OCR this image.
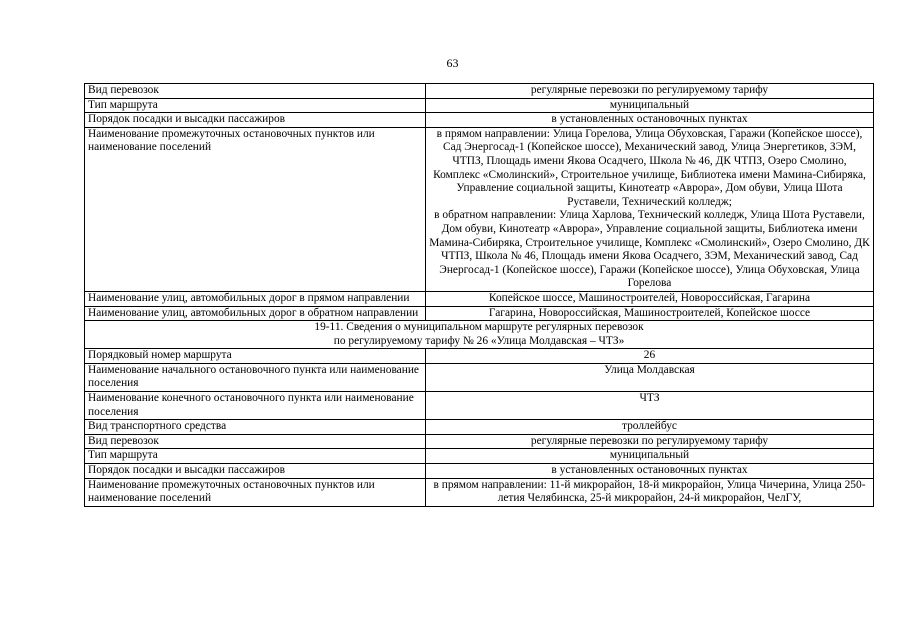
63
Вид перевозок	регулярные перевозки по регулируемому тарифу
Тип маршрута	муниципальный
Порядок посадки и высадки пассажиров	в установленных остановочных пунктах
Наименование промежуточных остановочных пунктов или наименование поселений	в прямом направлении: Улица Горелова, Улица Обуховская, Гаражи (Копейское шоссе), Сад Энергосад-1 (Копейское шоссе), Механический завод, Улица Энергетиков, ЗЭМ, ЧТПЗ, Площадь имени Якова Осадчего, Школа № 46, ДК ЧТПЗ, Озеро Смолино, Комплекс «Смолинский», Строительное училище, Библиотека имени Мамина-Сибиряка, Управление социальной защиты, Кинотеатр «Аврора», Дом обуви, Улица Шота Руставели, Технический колледж;
в обратном направлении: Улица Харлова, Технический колледж, Улица Шота Руставели, Дом обуви, Кинотеатр «Аврора», Управление социальной защиты, Библиотека имени Мамина-Сибиряка, Строительное училище, Комплекс «Смолинский», Озеро Смолино, ДК ЧТПЗ, Школа № 46, Площадь имени Якова Осадчего, ЗЭМ, Механический завод, Сад Энергосад-1 (Копейское шоссе), Гаражи (Копейское шоссе), Улица Обуховская, Улица Горелова

Наименование улиц, автомобильных дорог в прямом направлении	Копейское шоссе, Машиностроителей, Новороссийская, Гагарина
Наименование улиц, автомобильных дорог в обратном направлении	Гагарина, Новороссийская, Машиностроителей, Копейское шоссе

19-11. Сведения о муниципальном маршруте регулярных перевозок
по регулируемому тарифу № 26 «Улица Молдавская – ЧТЗ»	

Порядковый номер маршрута	26
Наименование начального остановочного пункта или наименование поселения	Улица Молдавская
Наименование конечного остановочного пункта или наименование поселения	ЧТЗ
Вид транспортного средства	троллейбус
Вид перевозок	регулярные перевозки по регулируемому тарифу
Тип маршрута	муниципальный
Порядок посадки и высадки пассажиров	в установленных остановочных пунктах
Наименование промежуточных остановочных пунктов или наименование поселений	в прямом направлении: 11-й микрорайон, 18-й микрорайон, Улица Чичерина, Улица 250-летия Челябинска, 25-й микрорайон, 24-й микрорайон, ЧелГУ,
